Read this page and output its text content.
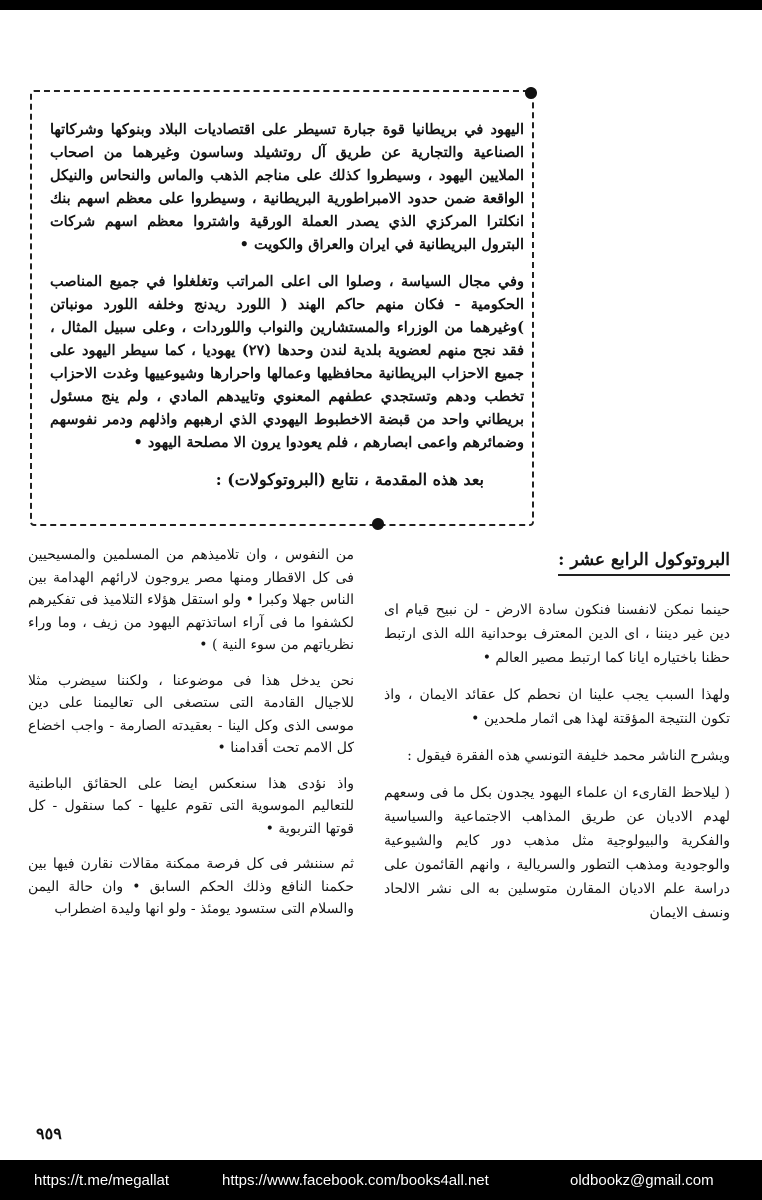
اليهود في بريطانيا قوة جبارة تسيطر على اقتصاديات البلاد وبنوكها وشركاتها الصناعية والتجارية عن طريق آل روتشيلد وساسون وغيرهما من اصحاب الملايين اليهود ، وسيطروا كذلك على مناجم الذهب والماس والنحاس والنيكل الواقعة ضمن حدود الامبراطورية البريطانية ، وسيطروا على معظم اسهم بنك انكلترا المركزي الذي يصدر العملة الورقية واشتروا معظم اسهم شركات البترول البريطانية في ايران والعراق والكويت •

وفي مجال السياسة ، وصلوا الى اعلى المراتب وتغلغلوا في جميع المناصب الحكومية - فكان منهم حاكم الهند ( اللورد ريدنج وخلفه اللورد مونباتن )وغيرهما من الوزراء والمستشارين والنواب واللوردات ، وعلى سبيل المثال ، فقد نجح منهم لعضوية بلدية لندن وحدها (٢٧) يهوديا ، كما سيطر اليهود على جميع الاحزاب البريطانية محافظيها وعمالها واحرارها وشيوعييها وغدت الاحزاب تخطب ودهم وتستجدي عطفهم المعنوي وتاييدهم المادي ، ولم ينج مسئول بريطاني واحد من قبضة الاخطبوط اليهودي الذي ارهبهم واذلهم ودمر نفوسهم وضمائرهم واعمى ابصارهم ، فلم يعودوا يرون الا مصلحة اليهود •

بعد هذه المقدمة ، نتابع (البروتوكولات) :

البروتوكول الرابع عشر :

حينما نمكن لانفسنا فنكون سادة الارض - لن نبيح قيام اى دين غير ديننا ، اى الدين المعترف بوحدانية الله الذى ارتبط حظنا باختياره ايانا كما ارتبط مصير العالم •

ولهذا السبب يجب علينا ان نحطم كل عقائد الايمان ، واذ تكون النتيجة المؤقتة لهذا هى اثمار ملحدين •

ويشرح الناشر محمد خليفة التونسي هذه الفقرة فيقول :

( ليلاحظ القارىء ان علماء اليهود يجدون بكل ما فى وسعهم لهدم الاديان عن طريق المذاهب الاجتماعية والسياسية والفكرية والبيولوجية مثل مذهب دور كايم والشيوعية والوجودية ومذهب التطور والسريالية ، وانهم القائمون على دراسة علم الاديان المقارن متوسلين به الى نشر الالحاد ونسف الايمان

من النفوس ، وان تلاميذهم من المسلمين والمسيحيين فى كل الاقطار ومنها مصر يروجون لارائهم الهدامة بين الناس جهلا وكبرا • ولو استقل هؤلاء التلاميذ فى تفكيرهم لكشفوا ما فى آراء اساتذتهم اليهود من زيف ، وما وراء نظرياتهم من سوء النية ) •

نحن يدخل هذا فى موضوعنا ، ولكننا سيضرب مثلا للاجيال القادمة التى ستصغى الى تعاليمنا على دين موسى الذى وكل الينا - بعقيدته الصارمة - واجب اخضاع كل الامم تحت أقدامنا •

واذ نؤدى هذا سنعكس ايضا على الحقائق الباطنية للتعاليم الموسوية التى تقوم عليها - كما سنقول - كل قوتها التربوية •

ثم سننشر فى كل فرصة ممكنة مقالات نقارن فيها بين حكمنا النافع وذلك الحكم السابق • وان حالة اليمن والسلام التى ستسود يومئذ - ولو انها وليدة اضطراب

٩٥٩
https://t.me/megallat	https://www.facebook.com/books4all.net	oldbookz@gmail.com
